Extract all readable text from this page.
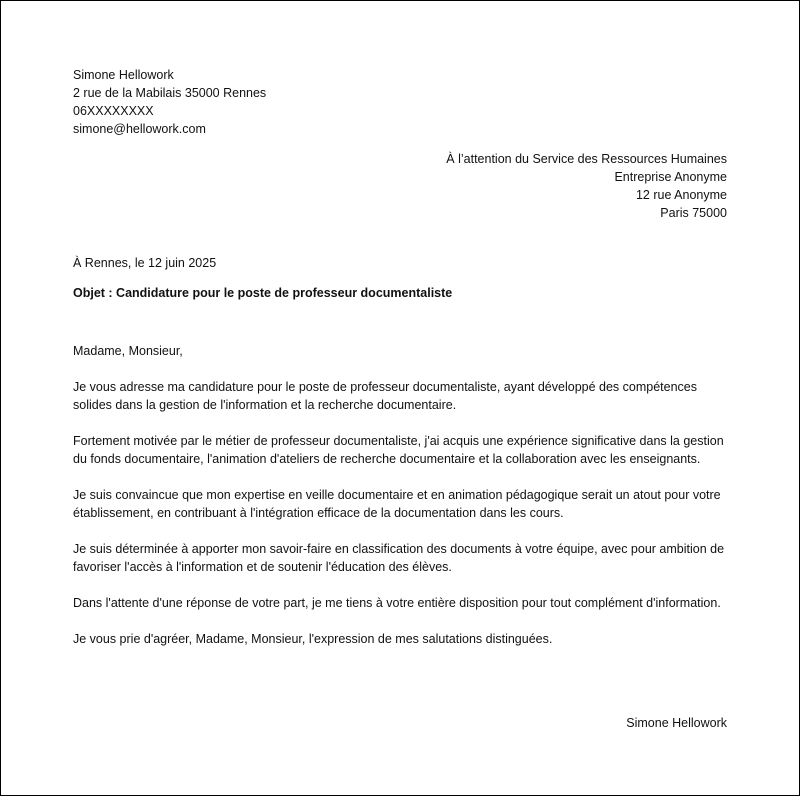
Simone Hellowork
2 rue de la Mabilais 35000 Rennes
06XXXXXXXX
simone@hellowork.com
À l’attention du Service des Ressources Humaines
Entreprise Anonyme
12 rue Anonyme
Paris 75000
À Rennes, le 12 juin 2025
Objet : Candidature pour le poste de professeur documentaliste

Madame, Monsieur,

Je vous adresse ma candidature pour le poste de professeur documentaliste, ayant développé des compétences solides dans la gestion de l'information et la recherche documentaire.

Fortement motivée par le métier de professeur documentaliste, j'ai acquis une expérience significative dans la gestion du fonds documentaire, l'animation d'ateliers de recherche documentaire et la collaboration avec les enseignants.

Je suis convaincue que mon expertise en veille documentaire et en animation pédagogique serait un atout pour votre établissement, en contribuant à l'intégration efficace de la documentation dans les cours.

Je suis déterminée à apporter mon savoir-faire en classification des documents à votre équipe, avec pour ambition de favoriser l'accès à l'information et de soutenir l'éducation des élèves.

Dans l'attente d'une réponse de votre part, je me tiens à votre entière disposition pour tout complément d'information.

Je vous prie d'agréer, Madame, Monsieur, l'expression de mes salutations distinguées.

Simone Hellowork
